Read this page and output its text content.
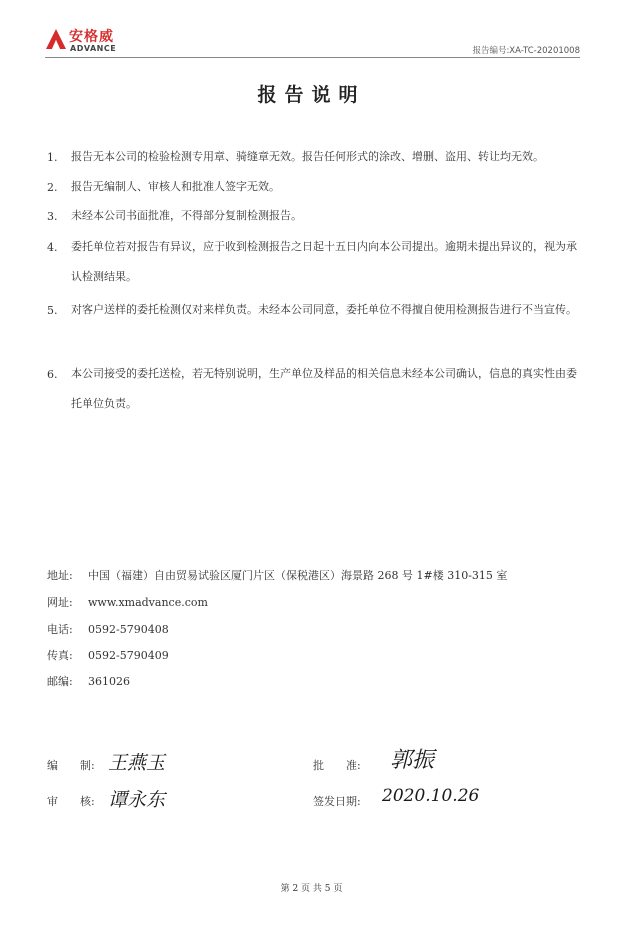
安格威
ADVANCE	报告编号:XA-TC-20201008
报告说明
1. 报告无本公司的检验检测专用章、骑缝章无效。报告任何形式的涂改、增删、盗用、转让均无效。
2. 报告无编制人、审核人和批准人签字无效。
3. 未经本公司书面批准，不得部分复制检测报告。
4. 委托单位若对报告有异议，应于收到检测报告之日起十五日内向本公司提出。逾期未提出异议的，视为承认检测结果。
5. 对客户送样的委托检测仅对来样负责。未经本公司同意，委托单位不得擅自使用检测报告进行不当宣传。
6. 本公司接受的委托送检，若无特别说明，生产单位及样品的相关信息未经本公司确认，信息的真实性由委托单位负责。
地址: 中国（福建）自由贸易试验区厦门片区（保税港区）海景路 268 号 1#楼 310-315 室
网址: www.xmadvance.com
电话: 0592-5790408
传真: 0592-5790409
邮编: 361026
编　　制: 王燕玉	批　　准: 郭振
审　　核: 谭永东	签发日期: 2020.10.26
第 2 页 共 5 页
